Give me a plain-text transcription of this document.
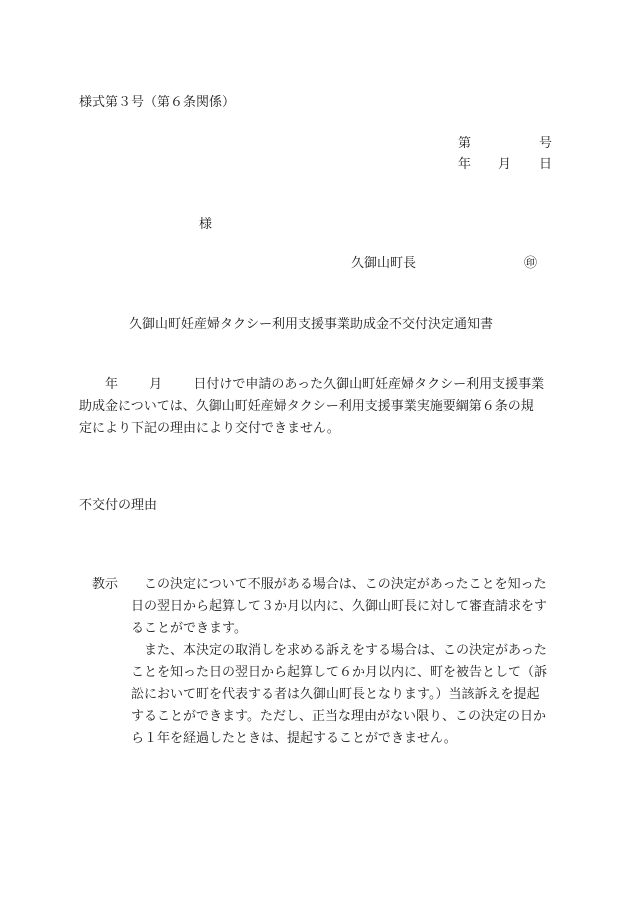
様式第３号（第６条関係）
第	号
年 月 日
様
久御山町長	㊞
久御山町妊産婦タクシー利用支援事業助成金不交付決定通知書
年 月 日付けで申請のあった久御山町妊産婦タクシー利用支援事業
助成金については、久御山町妊産婦タクシー利用支援事業実施要綱第６条の規
定により下記の理由により交付できません。
不交付の理由
教示	この決定について不服がある場合は、この決定があったことを知った
日の翌日から起算して３か月以内に、久御山町長に対して審査請求をす
ることができます。
また、本決定の取消しを求める訴えをする場合は、この決定があった
ことを知った日の翌日から起算して６か月以内に、町を被告として（訴
訟において町を代表する者は久御山町長となります。）当該訴えを提起
することができます。ただし、正当な理由がない限り、この決定の日か
ら１年を経過したときは、提起することができません。
